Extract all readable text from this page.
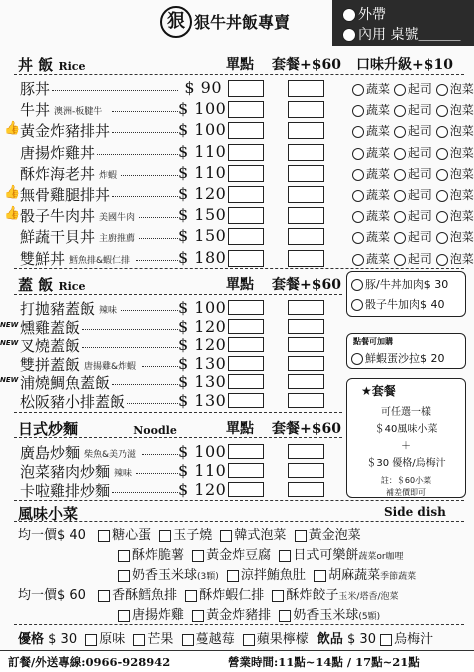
狠 狠牛丼飯專賣	外帶
內用 桌號＿＿＿
丼 飯 Rice	單點 套餐+$60 口味升級+$10
豚丼	$ 90	蔬菜 起司 泡菜
牛丼 澳洲-板腱牛	$ 100	蔬菜 起司 泡菜
👍 黃金炸豬排丼	$ 100	蔬菜 起司 泡菜
唐揚炸雞丼	$ 110	蔬菜 起司 泡菜
酥炸海老丼 炸蝦	$ 110	蔬菜 起司 泡菜
👍 無骨雞腿排丼	$ 120	蔬菜 起司 泡菜
👍 骰子牛肉丼 美國牛肉	$ 150	蔬菜 起司 泡菜
鮮蔬干貝丼 主廚推薦	$ 150	蔬菜 起司 泡菜
雙鮮丼 鱈魚排&蝦仁排	$ 180	蔬菜 起司 泡菜
豚/牛丼加肉$ 30
骰子牛加肉$ 40
點餐可加購
鮮蝦蛋沙拉$ 20
蓋 飯 Rice	單點 套餐+$60
打拋豬蓋飯 辣味	$ 100
NEW 燻雞蓋飯	$ 120
NEW 叉燒蓋飯	$ 120
雙拼蓋飯 唐揚雞&炸蝦	$ 130
NEW 浦燒鯛魚蓋飯	$ 130
松阪豬小排蓋飯	$ 130	★套餐
可任選一樣
＄40風味小菜
＋
＄30 優格/烏梅汁
註：＄60小菜
補差價即可
日式炒麵	Noodle	單點 套餐+$60
廣島炒麵 柴魚&美乃滋	$ 100
泡菜豬肉炒麵 辣味	$ 110
卡啦雞排炒麵	$ 120
風味小菜	Side dish
均一價$ 40 糖心蛋 玉子燒 韓式泡菜 黃金泡菜
酥炸脆薯 黃金炸豆腐 日式可樂餅蔬菜or咖哩
奶香玉米球(3顆) 涼拌鮪魚肚 胡麻蔬菜季節蔬菜
均一價$ 60 香酥鱈魚排 酥炸蝦仁排 酥炸餃子玉米/塔香/泡菜
唐揚炸雞 黃金炸豬排 奶香玉米球(5顆)
優格 $ 30 原味 芒果 蔓越莓 蘋果檸檬 飲品 $ 30 烏梅汁
訂餐/外送專線:0966-928942	營業時間:11點~14點 / 17點~21點
